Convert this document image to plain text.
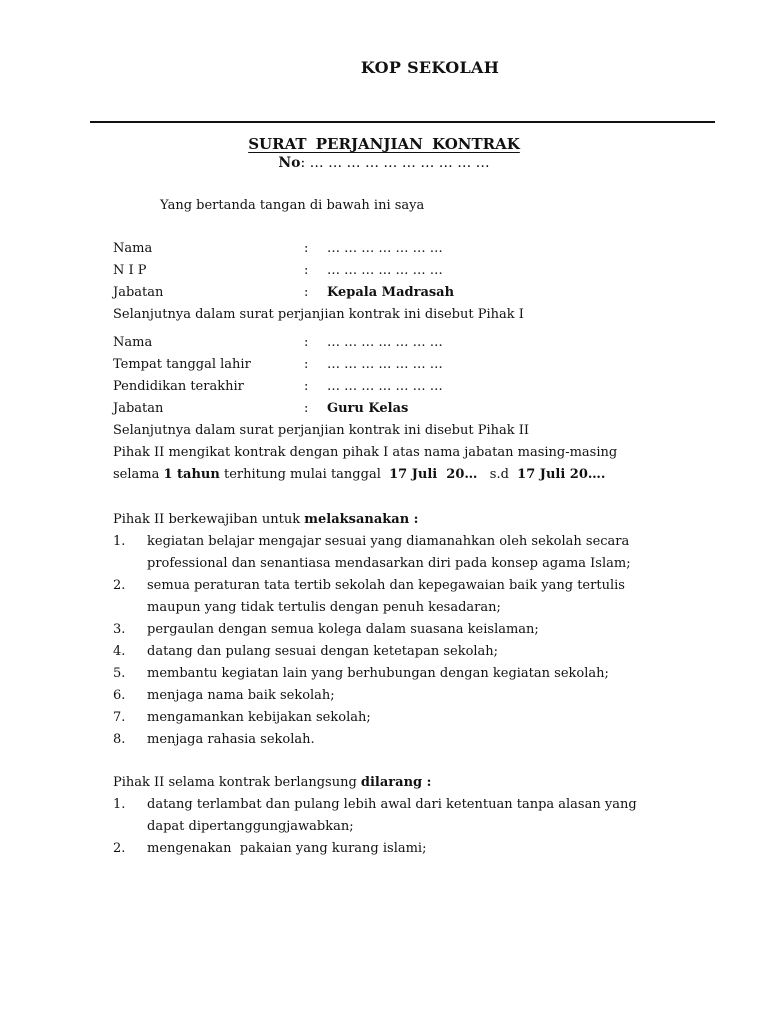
KOP SEKOLAH
SURAT PERJANJIAN KONTRAK
No: … … … … … … … … … …
Yang bertanda tangan di bawah ini saya
Nama	: … … … … … … …
N I P	: … … … … … … …
Jabatan	: Kepala Madrasah
Selanjutnya dalam surat perjanjian kontrak ini disebut Pihak I
Nama	: … … … … … … …
Tempat tanggal lahir	: … … … … … … …
Pendidikan terakhir	: … … … … … … …
Jabatan	: Guru Kelas
Selanjutnya dalam surat perjanjian kontrak ini disebut Pihak II
Pihak II mengikat kontrak dengan pihak I atas nama jabatan masing-masing
selama 1 tahun terhitung mulai tanggal  17 Juli  20…   s.d  17 Juli 20….
Pihak II berkewajiban untuk melaksanakan :
1. kegiatan belajar mengajar sesuai yang diamanahkan oleh sekolah secara
professional dan senantiasa mendasarkan diri pada konsep agama Islam;
2. semua peraturan tata tertib sekolah dan kepegawaian baik yang tertulis
maupun yang tidak tertulis dengan penuh kesadaran;
3. pergaulan dengan semua kolega dalam suasana keislaman;
4. datang dan pulang sesuai dengan ketetapan sekolah;
5. membantu kegiatan lain yang berhubungan dengan kegiatan sekolah;
6. menjaga nama baik sekolah;
7. mengamankan kebijakan sekolah;
8. menjaga rahasia sekolah.
Pihak II selama kontrak berlangsung dilarang :
1. datang terlambat dan pulang lebih awal dari ketentuan tanpa alasan yang
dapat dipertanggungjawabkan;
2. mengenakan  pakaian yang kurang islami;
